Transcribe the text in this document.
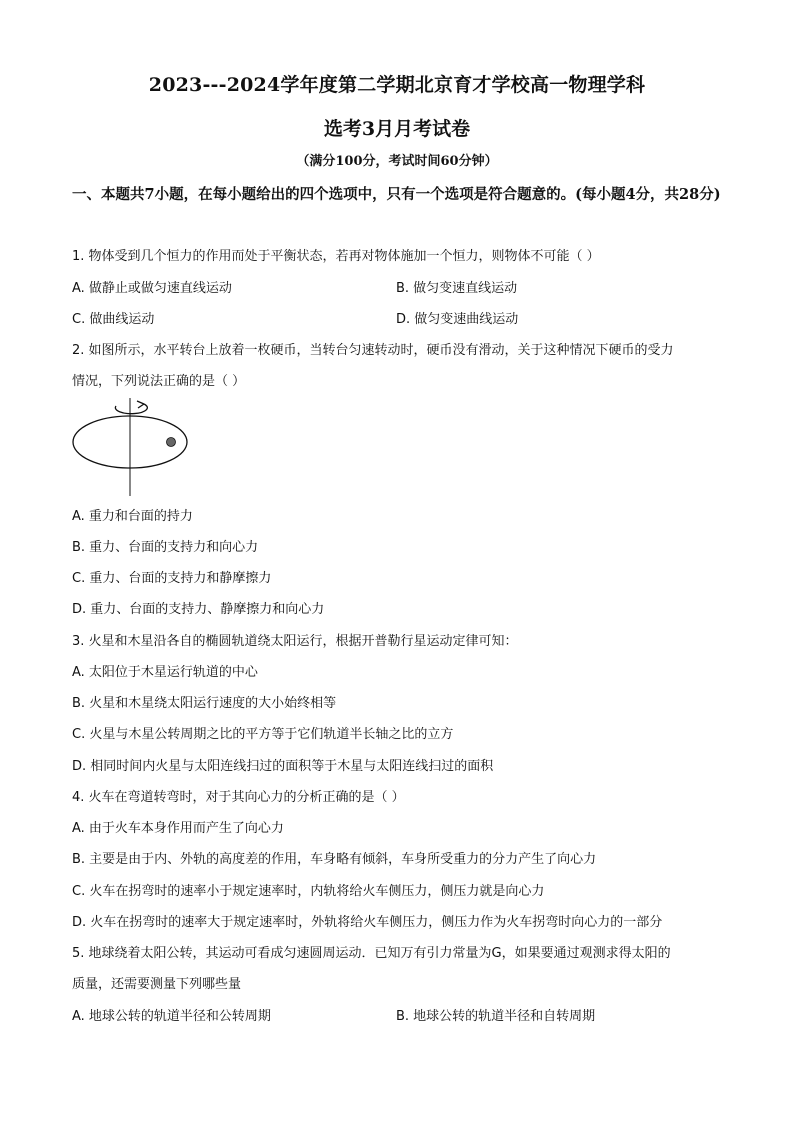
2023---2024学年度第二学期北京育才学校高一物理学科
选考3月月考试卷
（满分100分，考试时间60分钟）
一、本题共7小题，在每小题给出的四个选项中，只有一个选项是符合题意的。(每小题4分，共28分)
1. 物体受到几个恒力的作用而处于平衡状态，若再对物体施加一个恒力，则物体不可能（ ）
A. 做静止或做匀速直线运动	B. 做匀变速直线运动
C. 做曲线运动	D. 做匀变速曲线运动
2. 如图所示，水平转台上放着一枚硬币，当转台匀速转动时，硬币没有滑动，关于这种情况下硬币的受力
情况，下列说法正确的是（ ）
A. 重力和台面的持力
B. 重力、台面的支持力和向心力
C. 重力、台面的支持力和静摩擦力
D. 重力、台面的支持力、静摩擦力和向心力
3. 火星和木星沿各自的椭圆轨道绕太阳运行，根据开普勒行星运动定律可知：
A. 太阳位于木星运行轨道的中心
B. 火星和木星绕太阳运行速度的大小始终相等
C. 火星与木星公转周期之比的平方等于它们轨道半长轴之比的立方
D. 相同时间内火星与太阳连线扫过的面积等于木星与太阳连线扫过的面积
4. 火车在弯道转弯时，对于其向心力的分析正确的是（ ）
A. 由于火车本身作用而产生了向心力
B. 主要是由于内、外轨的高度差的作用，车身略有倾斜，车身所受重力的分力产生了向心力
C. 火车在拐弯时的速率小于规定速率时，内轨将给火车侧压力，侧压力就是向心力
D. 火车在拐弯时的速率大于规定速率时，外轨将给火车侧压力，侧压力作为火车拐弯时向心力的一部分
5. 地球绕着太阳公转，其运动可看成匀速圆周运动．已知万有引力常量为G，如果要通过观测求得太阳的
质量，还需要测量下列哪些量
A. 地球公转的轨道半径和公转周期	B. 地球公转的轨道半径和自转周期
